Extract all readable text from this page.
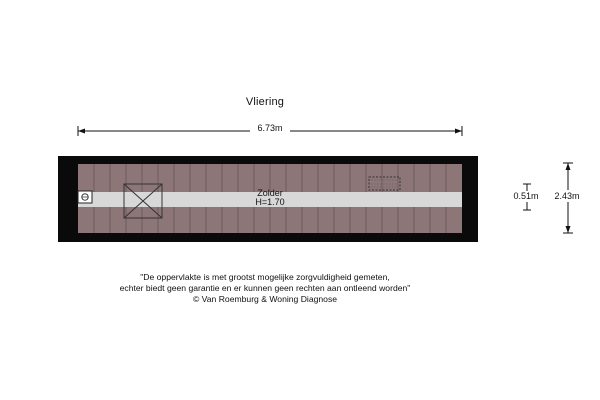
Vliering
6.73m
Zolder
H=1.70
2.43m
0.51m
"De oppervlakte is met grootst mogelijke zorgvuldigheid gemeten,
echter biedt geen garantie en er kunnen geen rechten aan ontleend worden"
© Van Roemburg & Woning Diagnose
